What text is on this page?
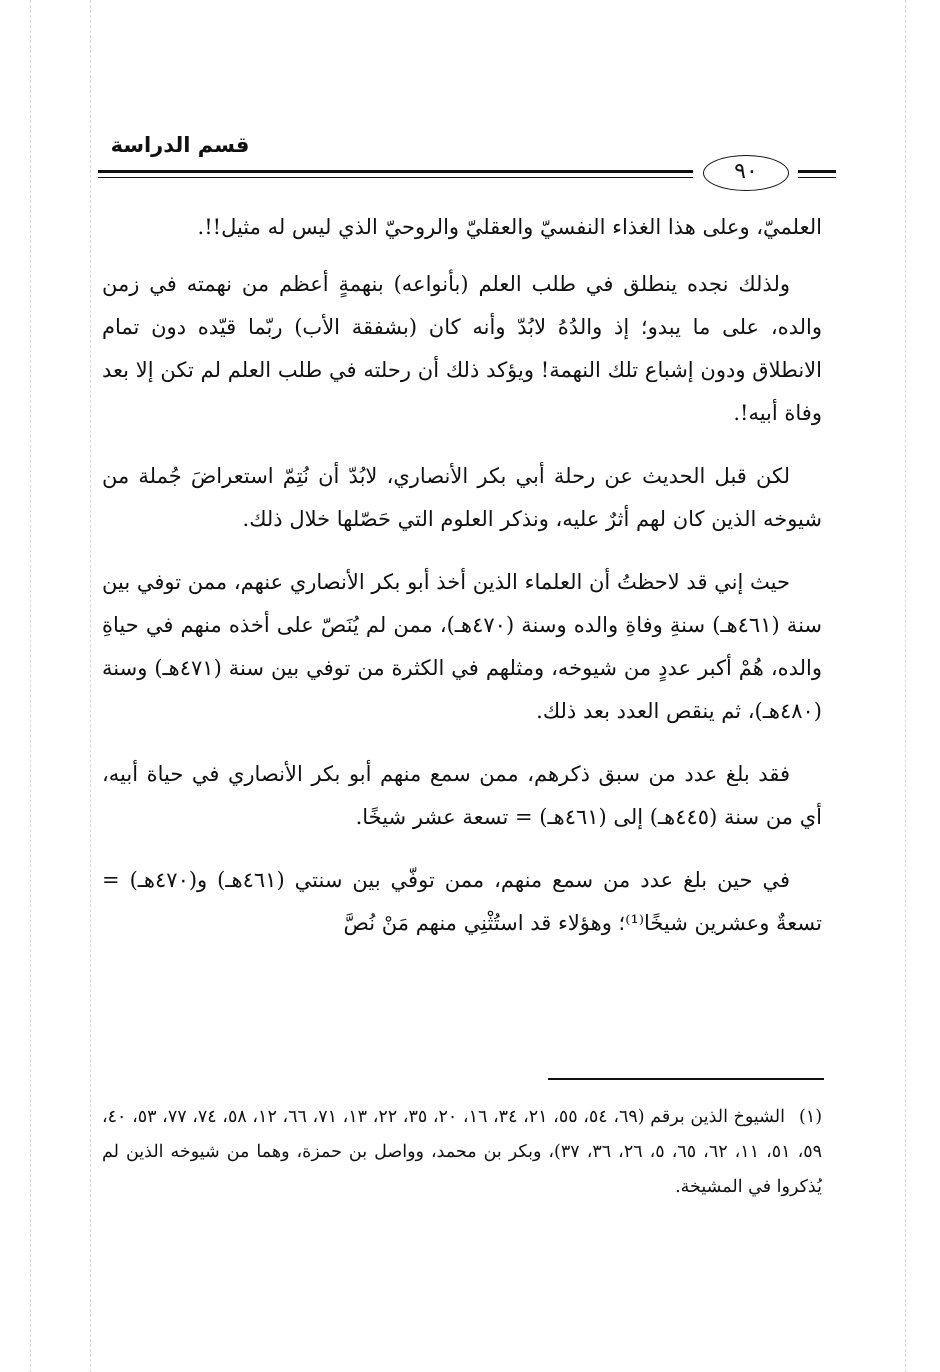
قسم الدراسة
٩٠

العلميّ، وعلى هذا الغذاء النفسيّ والعقليّ والروحيّ الذي ليس له مثيل!!.

ولذلك نجده ينطلق في طلب العلم (بأنواعه) بنهمةٍ أعظم من نهمته في زمن والده، على ما يبدو؛ إذ والدُهُ لابُدّ وأنه كان (بشفقة الأب) ربّما قيّده دون تمام الانطلاق ودون إشباع تلك النهمة! ويؤكد ذلك أن رحلته في طلب العلم لم تكن إلا بعد وفاة أبيه!.

لكن قبل الحديث عن رحلة أبي بكر الأنصاري، لابُدّ أن نُتِمّ استعراضَ جُملة من شيوخه الذين كان لهم أثرٌ عليه، ونذكر العلوم التي حَصّلها خلال ذلك.

حيث إني قد لاحظتُ أن العلماء الذين أخذ أبو بكر الأنصاري عنهم، ممن توفي بين سنة (٤٦١هـ) سنةِ وفاةِ والده وسنة (٤٧٠هـ)، ممن لم يُنَصّ على أخذه منهم في حياةِ والده، هُمْ أكبر عددٍ من شيوخه، ومثلهم في الكثرة من توفي بين سنة (٤٧١هـ) وسنة (٤٨٠هـ)، ثم ينقص العدد بعد ذلك.

فقد بلغ عدد من سبق ذكرهم، ممن سمع منهم أبو بكر الأنصاري في حياة أبيه، أي من سنة (٤٤٥هـ) إلى (٤٦١هـ) = تسعة عشر شيخًا.

في حين بلغ عدد من سمع منهم، ممن توفّي بين سنتي (٤٦١هـ) و(٤٧٠هـ) = تسعةٌ وعشرين شيخًا⁽¹⁾؛ وهؤلاء قد استُثْنِي منهم مَنْ نُصَّ

(١)الشيوخ الذين برقم (٦٩، ٥٤، ٥٥، ٢١، ٣٤، ١٦، ٢٠، ٣٥، ٢٢، ١٣، ٧١، ٦٦، ١٢، ٥٨، ٧٤، ٧٧، ٥٣، ٤٠، ٥٩، ٥١، ١١، ٦٢، ٦٥، ٥، ٢٦، ٣٦، ٣٧)، وبكر بن محمد، وواصل بن حمزة، وهما من شيوخه الذين لم يُذكروا في المشيخة.
